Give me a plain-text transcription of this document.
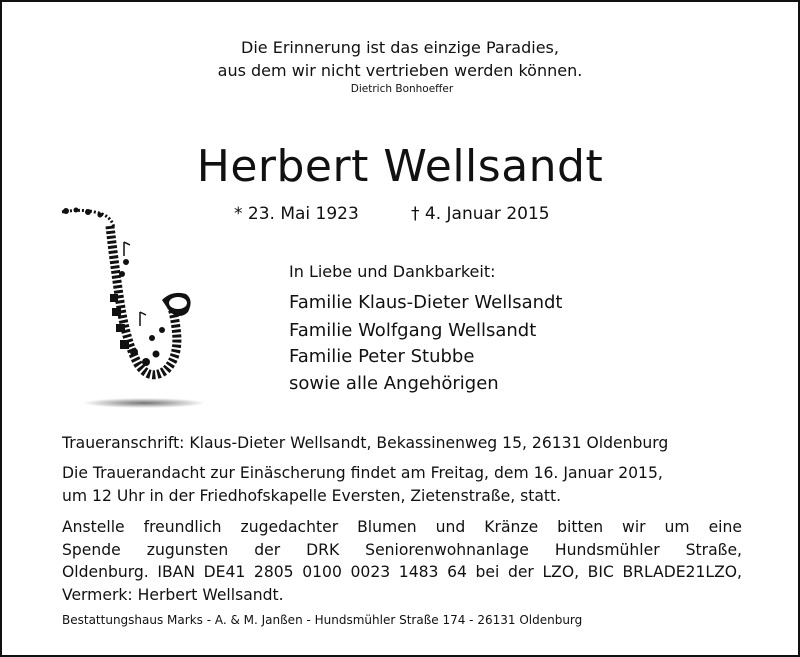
Die Erinnerung ist das einzige Paradies,
aus dem wir nicht vertrieben werden können.
Dietrich Bonhoeffer
Herbert Wellsandt
* 23. Mai 1923	† 4. Januar 2015
In Liebe und Dankbarkeit:
Familie Klaus-Dieter Wellsandt
Familie Wolfgang Wellsandt
Familie Peter Stubbe
sowie alle Angehörigen
Traueranschrift: Klaus-Dieter Wellsandt, Bekassinenweg 15, 26131 Oldenburg
Die Trauerandacht zur Einäscherung findet am Freitag, dem 16. Januar 2015,
um 12 Uhr in der Friedhofskapelle Eversten, Zietenstraße, statt.
Anstelle freundlich zugedachter Blumen und Kränze bitten wir um eine
Spende zugunsten der DRK Seniorenwohnanlage Hundsmühler Straße,
Oldenburg. IBAN DE41 2805 0100 0023 1483 64 bei der LZO, BIC BRLADE21LZO,
Vermerk: Herbert Wellsandt.
Bestattungshaus Marks - A. & M. Janßen - Hundsmühler Straße 174 - 26131 Oldenburg
